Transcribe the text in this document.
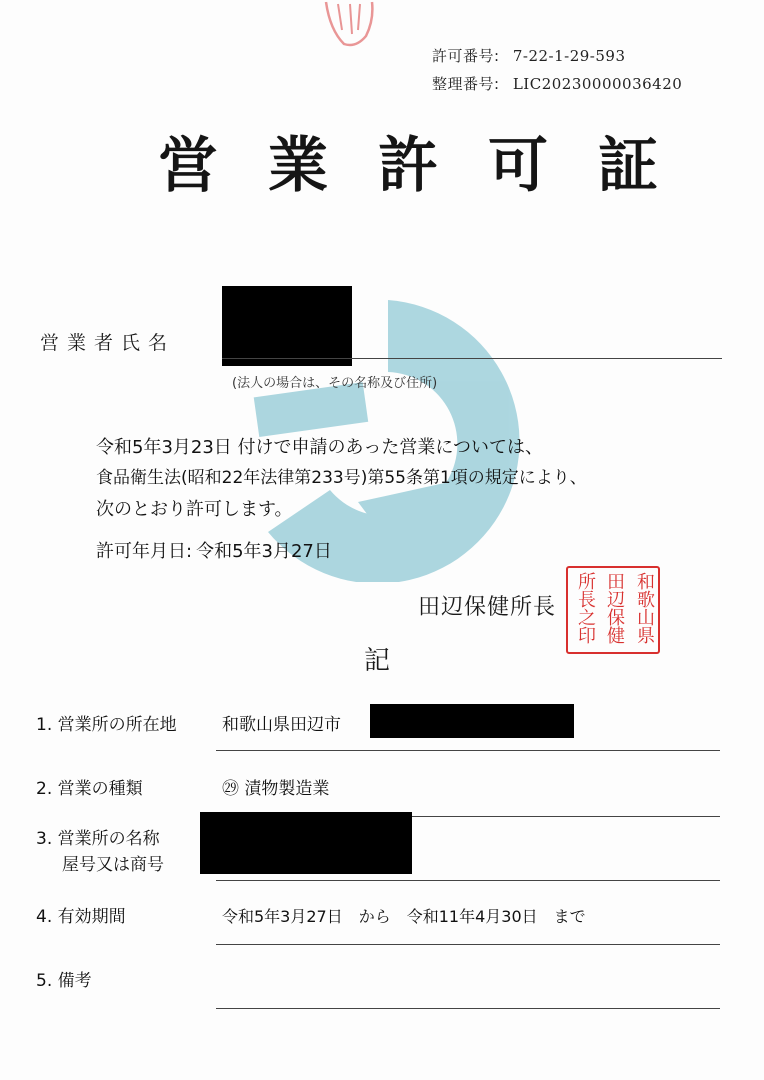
許可番号: 7-22-1-29-593
整理番号: LIC20230000036420
営 業 許 可 証
営業者氏名
(法人の場合は、その名称及び住所)
令和5年3月23日 付けで申請のあった営業については、
食品衛生法(昭和22年法律第233号)第55条第1項の規定により、
次のとおり許可します。
許可年月日: 令和5年3月27日
田辺保健所長	和歌山県
田辺保健
所長之印
記
1. 営業所の所在地	和歌山県田辺市
2. 営業の種類	㉙ 漬物製造業
3. 営業所の名称
屋号又は商号
4. 有効期間	令和5年3月27日　から　令和11年4月30日　まで
5. 備考
